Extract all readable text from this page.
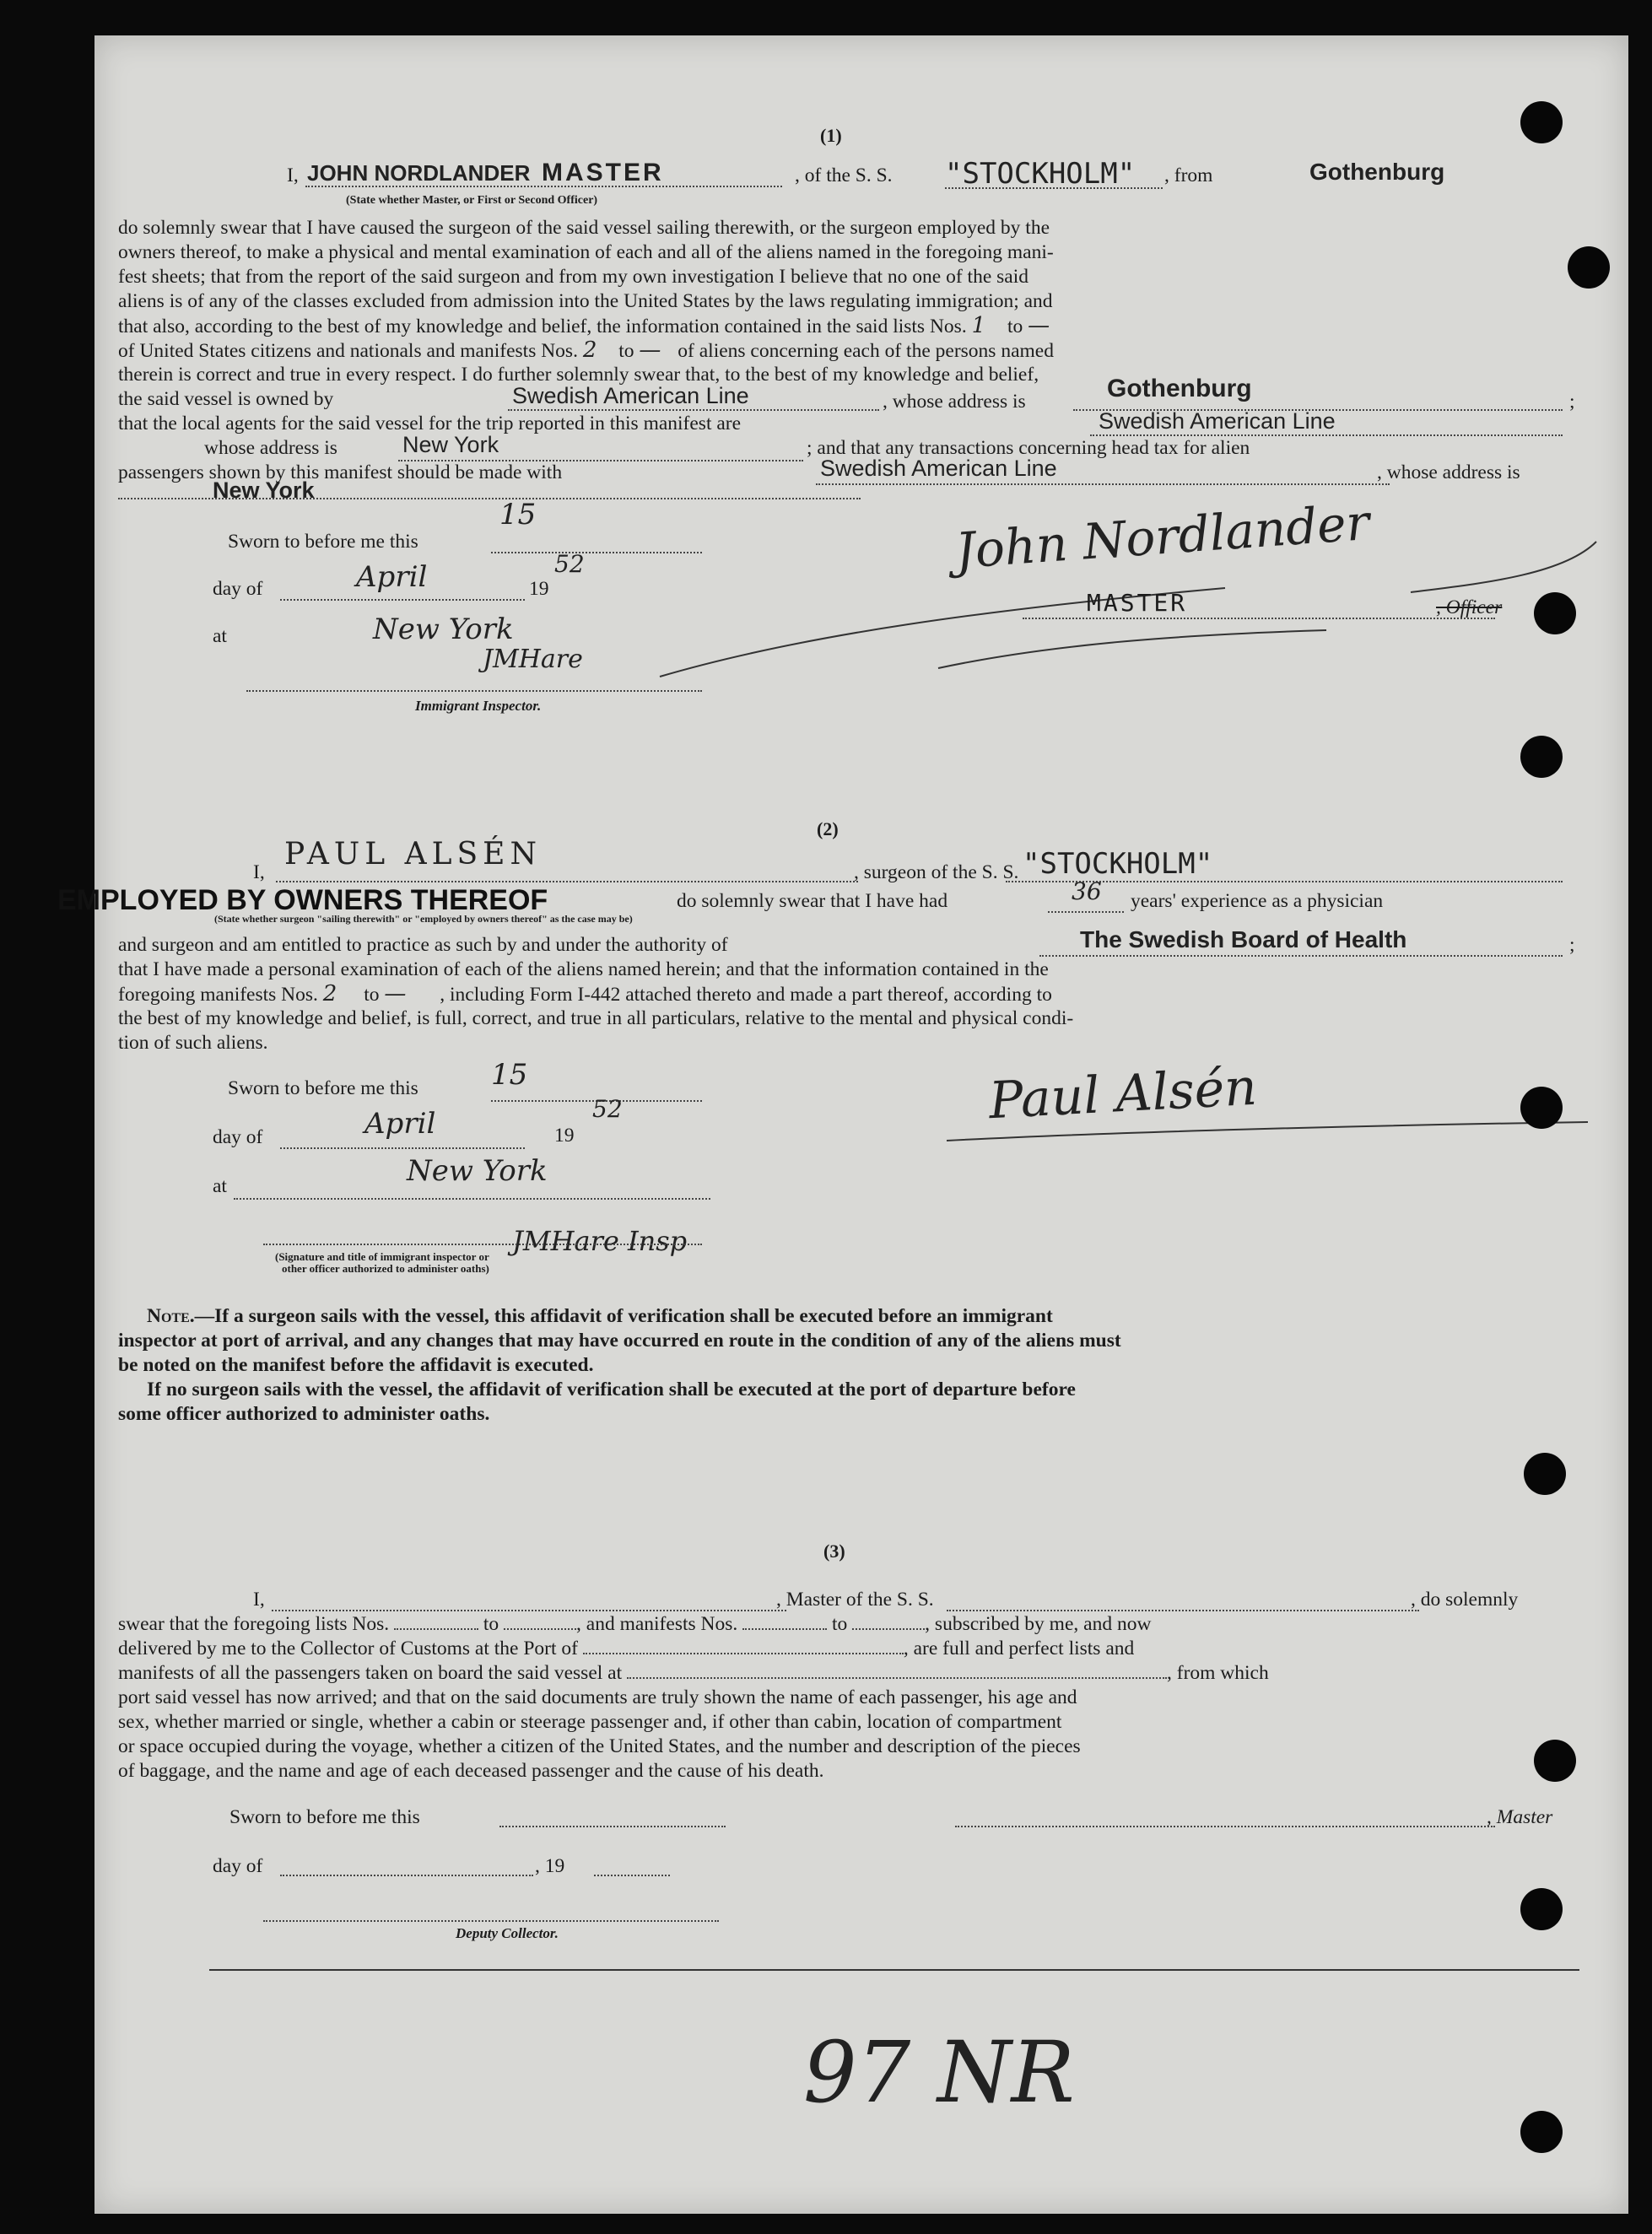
(1)
I, JOHN NORDLANDER MASTER
(State whether Master, or First or Second Officer)
, of the S. S. "STOCKHOLM" , from	Gothenburg
do solemnly swear that I have caused the surgeon of the said vessel sailing therewith, or the surgeon employed by the
owners thereof, to make a physical and mental examination of each and all of the aliens named in the foregoing mani-
fest sheets; that from the report of the said surgeon and from my own investigation I believe that no one of the said
aliens is of any of the classes excluded from admission into the United States by the laws regulating immigration; and
that also, according to the best of my knowledge and belief, the information contained in the said lists Nos. 1 to —
of United States citizens and nationals and manifests Nos. 2 to — of aliens concerning each of the persons named
therein is correct and true in every respect. I do further solemnly swear that, to the best of my knowledge and belief,
the said vessel is owned by	Swedish American Line	, whose address is	Gothenburg	;
that the local agents for the said vessel for the trip reported in this manifest are	Swedish American Line
whose address is	New York	; and that any transactions concerning head tax for alien
passengers shown by this manifest should be made with	Swedish American Line	, whose address is
New York
Sworn to before me this
15
day of	April	19
52
at	New York
JMHare
Immigrant Inspector.
John Nordlander
MASTER	, Officer
(2)
I,
PAUL ALSÉN
, surgeon of the S. S. "STOCKHOLM"
EMPLOYED BY OWNERS THEREOF
(State whether surgeon "sailing therewith" or "employed by owners thereof" as the case may be)
do solemnly swear that I have had	36 years' experience as a physician
and surgeon and am entitled to practice as such by and under the authority of	The Swedish Board of Health	;
that I have made a personal examination of each of the aliens named herein; and that the information contained in the
foregoing manifests Nos. 2 to — , including Form I-442 attached thereto and made a part thereof, according to
the best of my knowledge and belief, is full, correct, and true in all particulars, relative to the mental and physical condi-
tion of such aliens.
Sworn to before me this	15
day of	April	19
52
at	New York
JMHare Insp
(Signature and title of immigrant inspector or
other officer authorized to administer oaths)
Paul Alsén
Note.—If a surgeon sails with the vessel, this affidavit of verification shall be executed before an immigrant
inspector at port of arrival, and any changes that may have occurred en route in the condition of any of the aliens must
be noted on the manifest before the affidavit is executed.
If no surgeon sails with the vessel, the affidavit of verification shall be executed at the port of departure before
some officer authorized to administer oaths.
(3)
I,	, Master of the S. S.	, do solemnly
swear that the foregoing lists Nos.	to	, and manifests Nos.	to	, subscribed by me, and now
delivered by me to the Collector of Customs at the Port of	, are full and perfect lists and
manifests of all the passengers taken on board the said vessel at	, from which
port said vessel has now arrived; and that on the said documents are truly shown the name of each passenger, his age and
sex, whether married or single, whether a cabin or steerage passenger and, if other than cabin, location of compartment
or space occupied during the voyage, whether a citizen of the United States, and the number and description of the pieces
of baggage, and the name and age of each deceased passenger and the cause of his death.
Sworn to before me this	, Master
day of	, 19
Deputy Collector.
97 NR
